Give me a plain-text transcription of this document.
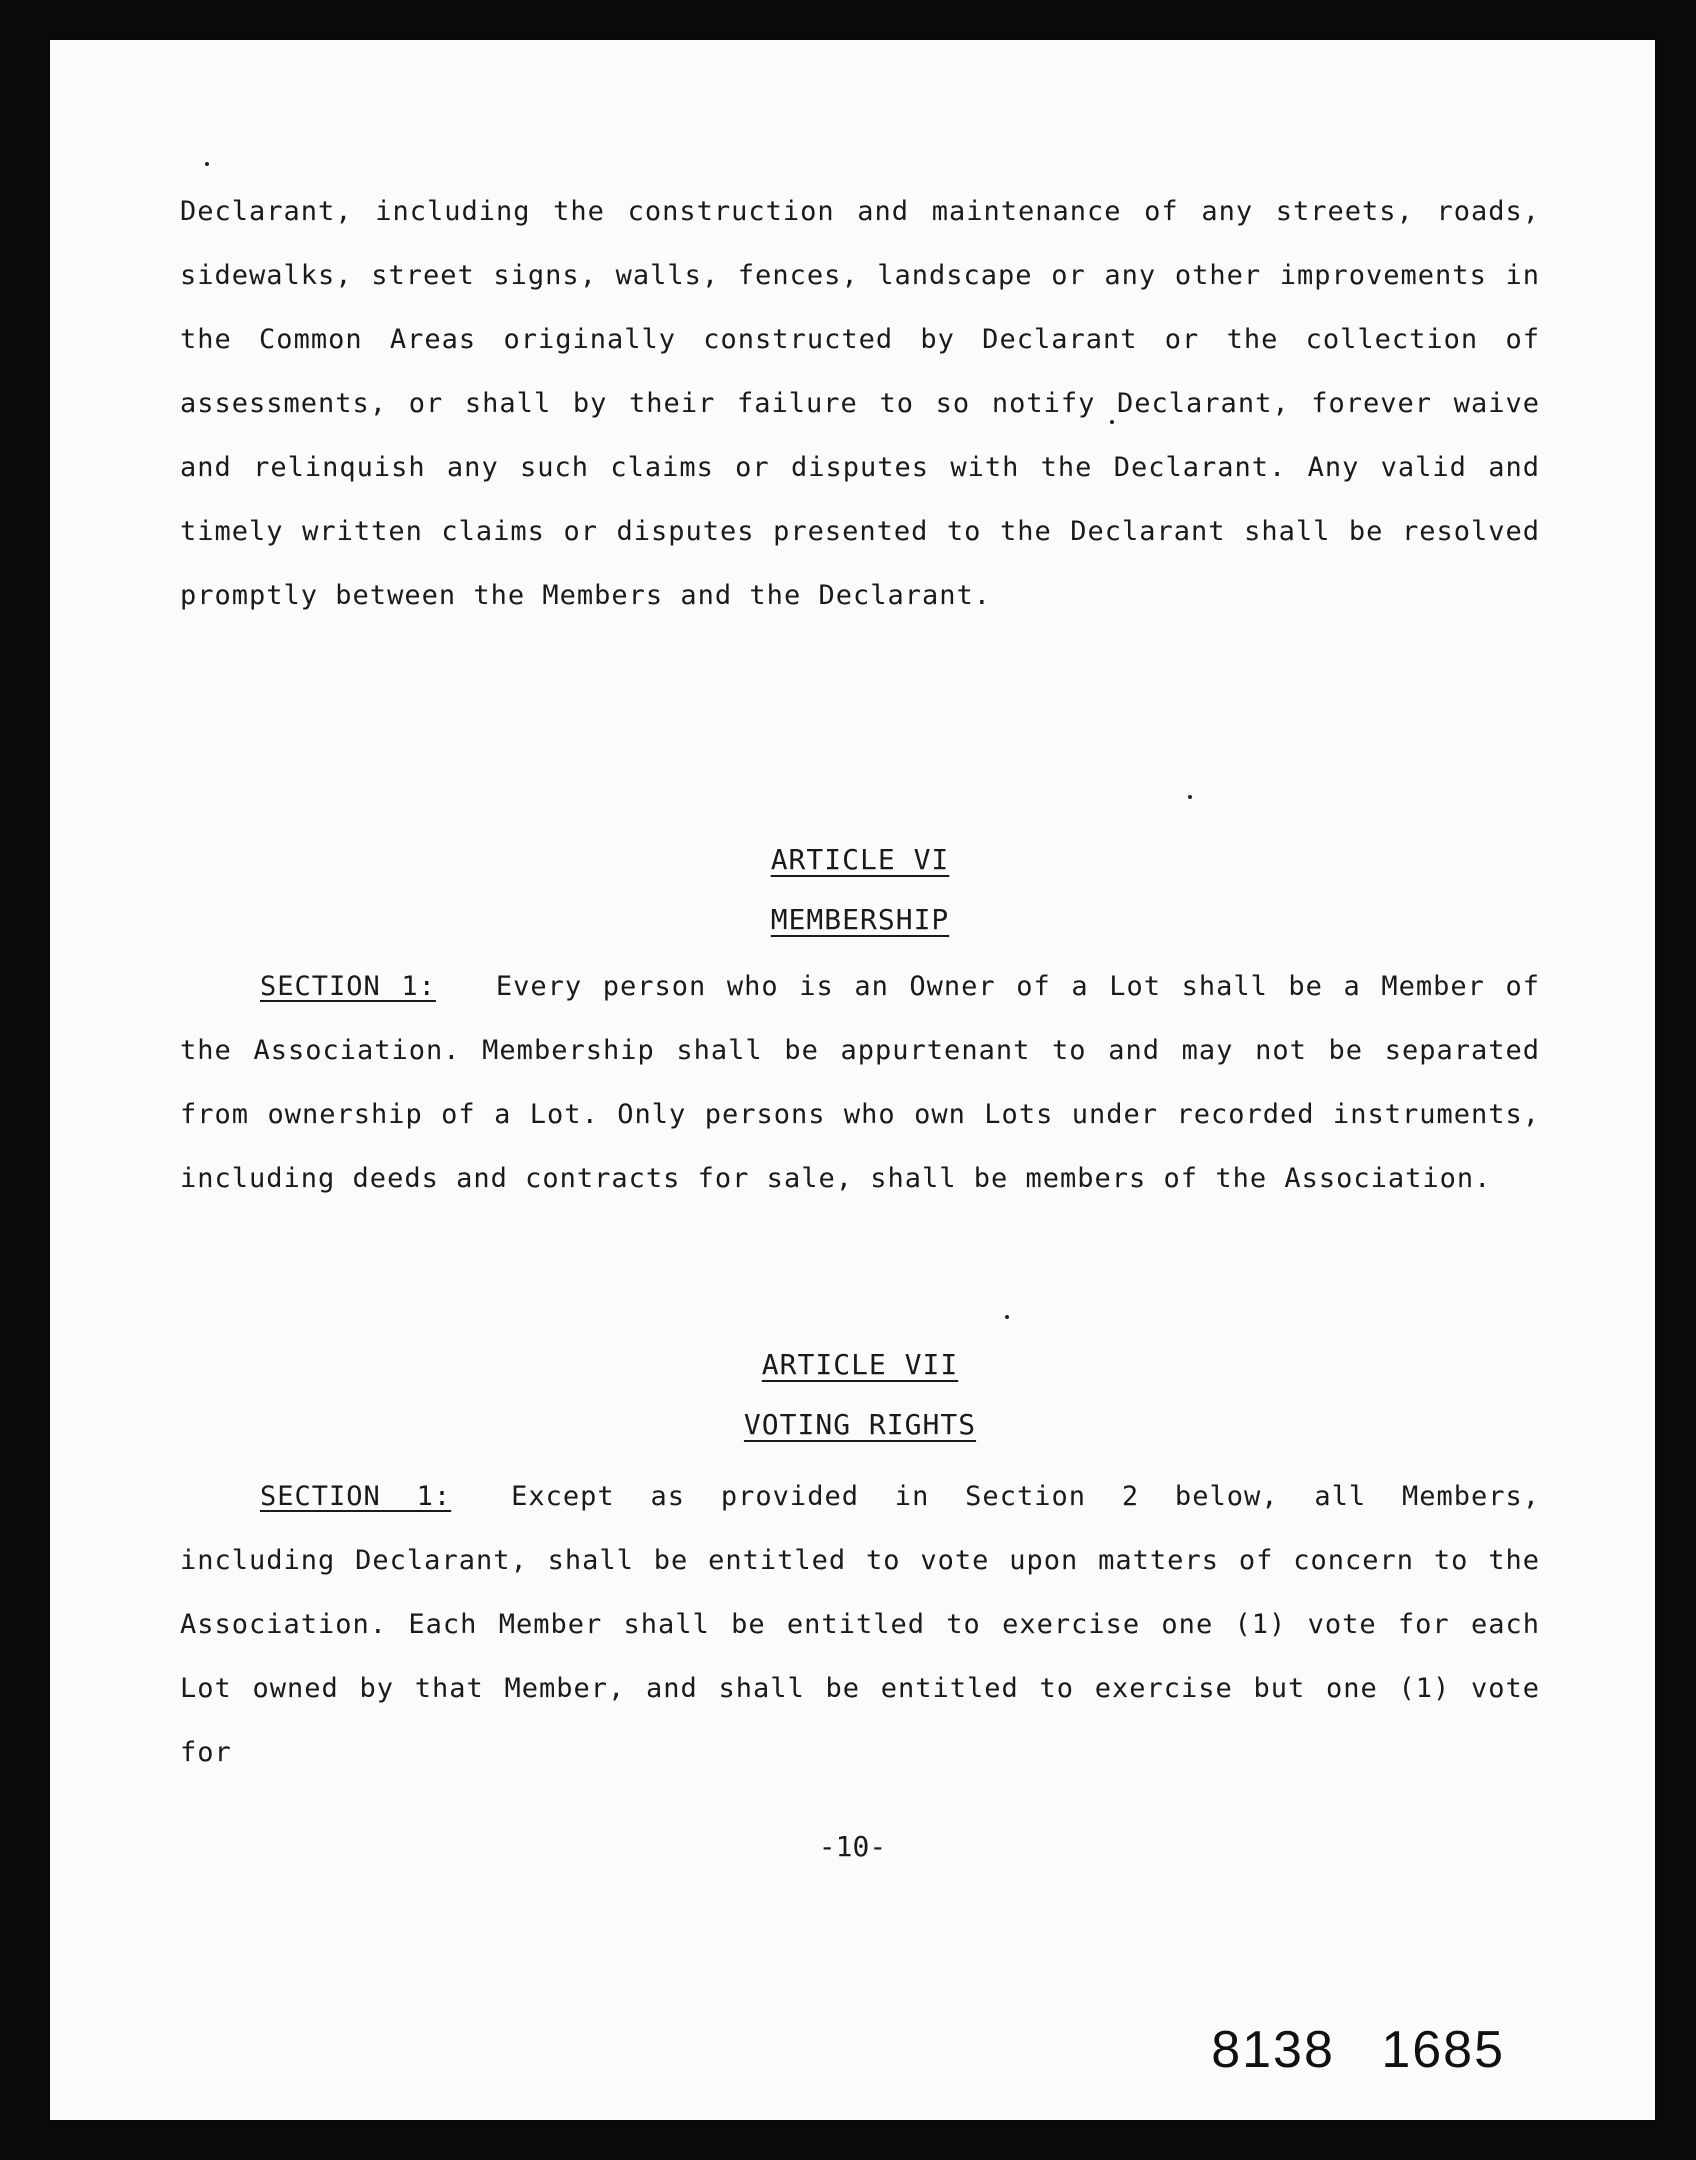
Declarant, including the construction and maintenance of any streets, roads, sidewalks, street signs, walls, fences, landscape or any other improvements in the Common Areas originally constructed by Declarant or the collection of assessments, or shall by their failure to so notify Declarant, forever waive and relinquish any such claims or disputes with the Declarant. Any valid and timely written claims or disputes presented to the Declarant shall be resolved promptly between the Members and the Declarant.

ARTICLE VI

MEMBERSHIP

SECTION 1: Every person who is an Owner of a Lot shall be a Member of the Association. Membership shall be appurtenant to and may not be separated from ownership of a Lot. Only persons who own Lots under recorded instruments, including deeds and contracts for sale, shall be members of the Association.

ARTICLE VII

VOTING RIGHTS

SECTION 1: Except as provided in Section 2 below, all Members, including Declarant, shall be entitled to vote upon matters of concern to the Association. Each Member shall be entitled to exercise one (1) vote for each Lot owned by that Member, and shall be entitled to exercise but one (1) vote for

-10-
8138 1685
